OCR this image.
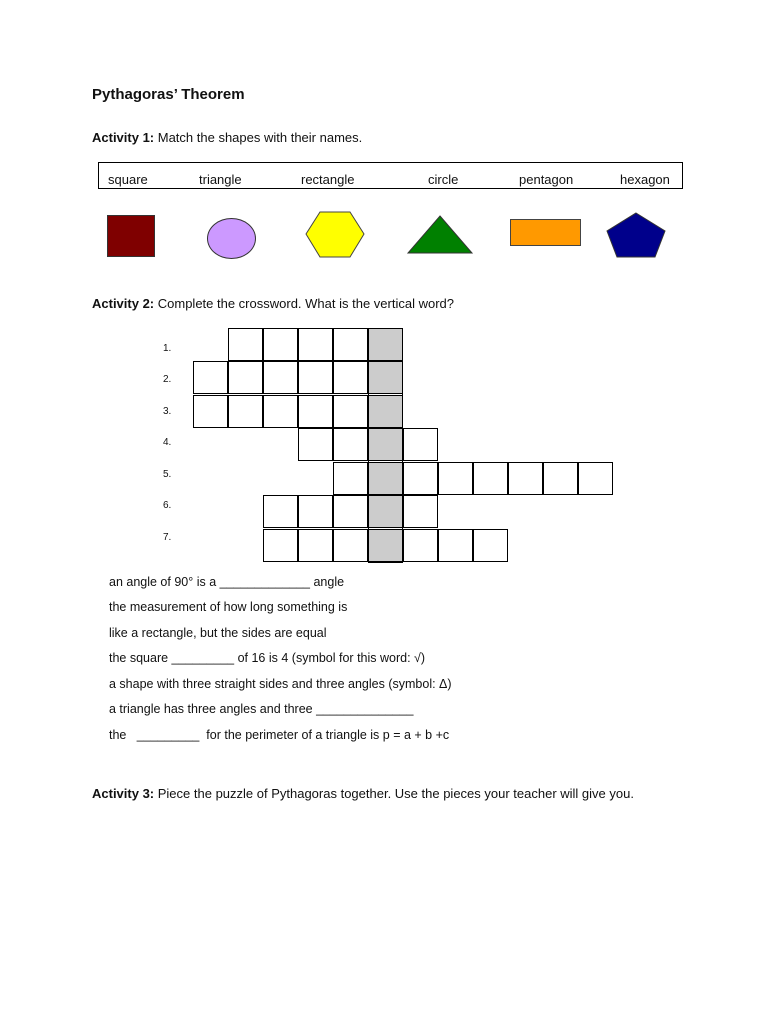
Pythagoras’ Theorem
Activity 1: Match the shapes with their names.
square	triangle	rectangle	circle	pentagon	hexagon
Activity 2: Complete the crossword. What is the vertical word?
1.
2.
3.
4.
5.
6.
7.
an angle of 90° is a _____________ angle
the measurement of how long something is
like a rectangle, but the sides are equal
the square _________ of 16 is 4 (symbol for this word: √)
a shape with three straight sides and three angles (symbol: Δ)
a triangle has three angles and three ______________
the   _________  for the perimeter of a triangle is p = a + b +c
Activity 3: Piece the puzzle of Pythagoras together. Use the pieces your teacher will give you.
